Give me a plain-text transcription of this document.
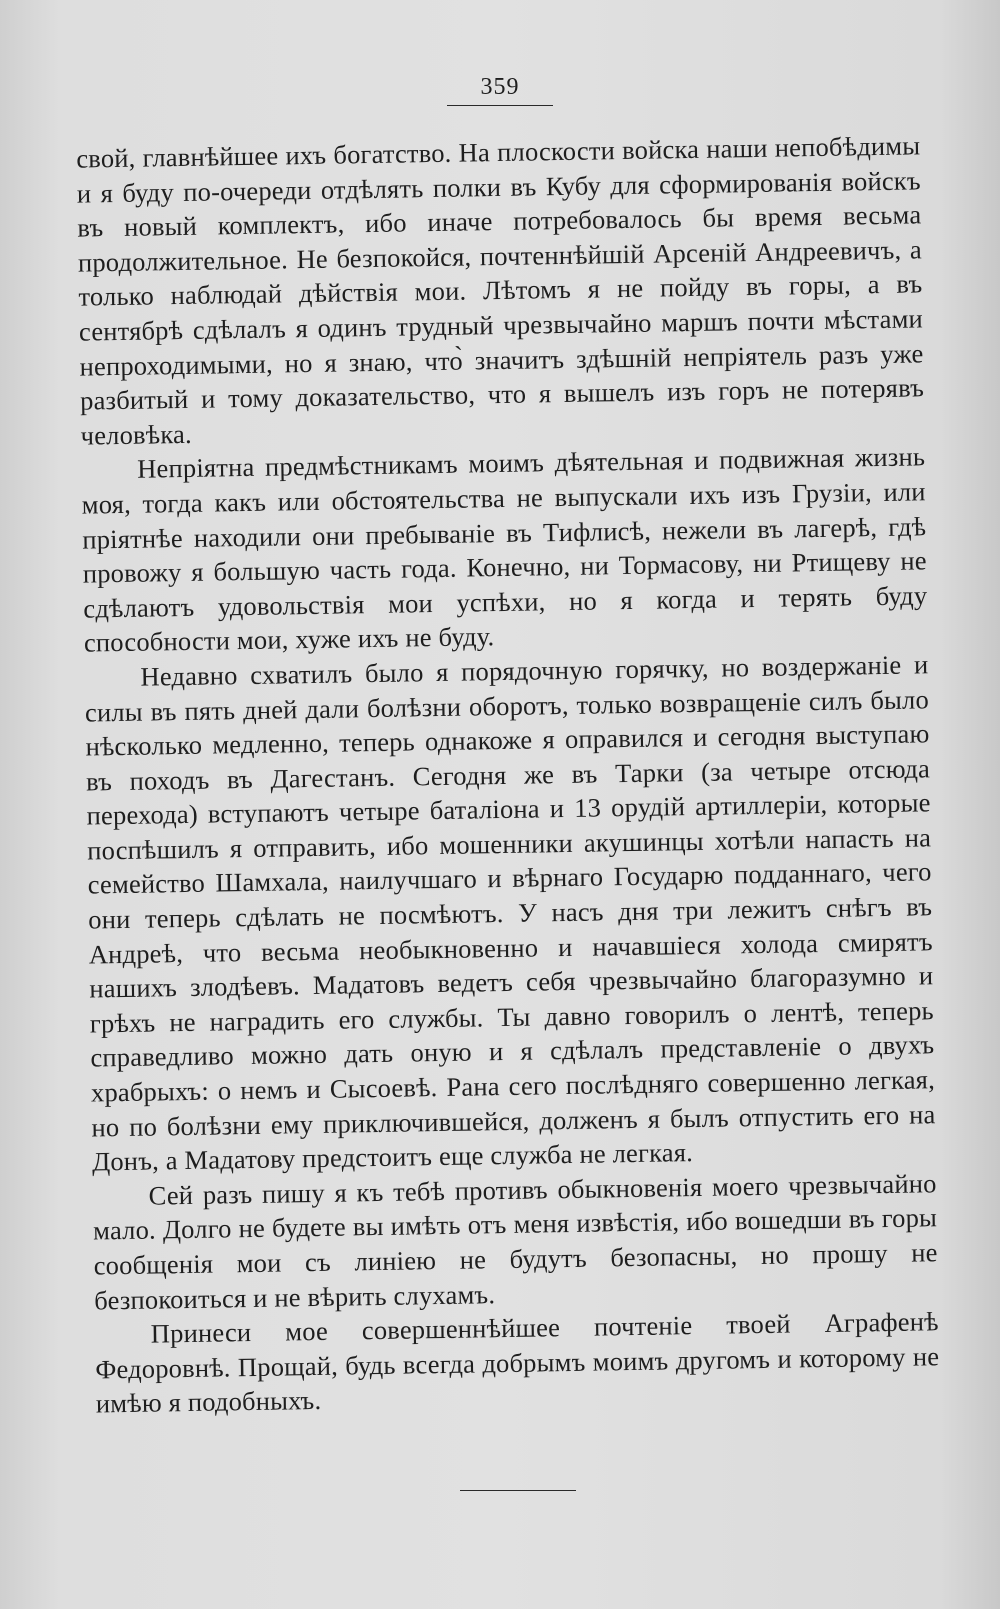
359

свой, главнѣйшее ихъ богатство. На плоскости войска наши непобѣдимы и я буду по-очереди отдѣлять полки въ Кубу для сформированія войскъ въ новый комплектъ, ибо иначе потребовалось бы время весьма продолжительное. Не безпокойся, почтеннѣйшій Арсеній Андреевичъ, а только наблюдай дѣйствія мои. Лѣтомъ я не пойду въ горы, а въ сентябрѣ сдѣлалъ я одинъ трудный чрезвычайно маршъ почти мѣстами непроходимыми, но я знаю, что̀ значитъ здѣшній непріятель разъ уже разбитый и тому доказательство, что я вышелъ изъ горъ не потерявъ человѣка.

Непріятна предмѣстникамъ моимъ дѣятельная и подвижная жизнь моя, тогда какъ или обстоятельства не выпускали ихъ изъ Грузіи, или пріятнѣе находили они пребываніе въ Тифлисѣ, нежели въ лагерѣ, гдѣ провожу я большую часть года. Конечно, ни Тормасову, ни Ртищеву не сдѣлаютъ удовольствія мои успѣхи, но я когда и терять буду способности мои, хуже ихъ не буду.

Недавно схватилъ было я порядочную горячку, но воздержаніе и силы въ пять дней дали болѣзни оборотъ, только возвращеніе силъ было нѣсколько медленно, теперь однакоже я оправился и сегодня выступаю въ походъ въ Дагестанъ. Сегодня же въ Тарки (за четыре отсюда перехода) вступаютъ четыре баталіона и 13 орудій артиллеріи, которые поспѣшилъ я отправить, ибо мошенники акушинцы хотѣли напасть на семейство Шамхала, наилучшаго и вѣрнаго Государю подданнаго, чего они теперь сдѣлать не посмѣютъ. У насъ дня три лежитъ снѣгъ въ Андреѣ, что весьма необыкновенно и начавшіеся холода смирятъ нашихъ злодѣевъ. Мадатовъ ведетъ себя чрезвычайно благоразумно и грѣхъ не наградить его службы. Ты давно говорилъ о лентѣ, теперь справедливо можно дать оную и я сдѣлалъ представленіе о двухъ храбрыхъ: о немъ и Сысоевѣ. Рана сего послѣдняго совершенно легкая, но по болѣзни ему приключившейся, долженъ я былъ отпустить его на Донъ, а Мадатову предстоитъ еще служба не легкая.

Сей разъ пишу я къ тебѣ противъ обыкновенія моего чрезвычайно мало. Долго не будете вы имѣть отъ меня извѣстія, ибо вошедши въ горы сообщенія мои съ линіею не будутъ безопасны, но прошу не безпокоиться и не вѣрить слухамъ.

Принеси мое совершеннѣйшее почтеніе твоей Аграфенѣ Федоровнѣ. Прощай, будь всегда добрымъ моимъ другомъ и которому не имѣю я подобныхъ.
